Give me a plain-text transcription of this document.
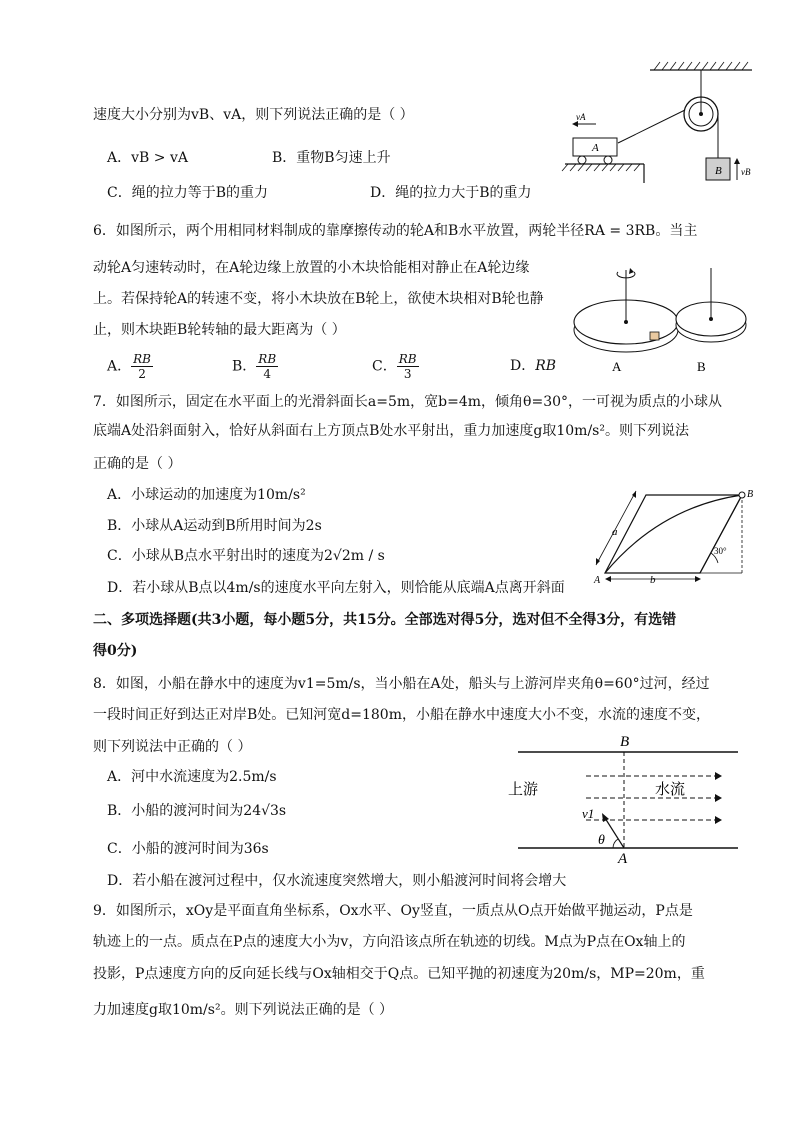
速度大小分别为vB、vA，则下列说法正确的是（ ）
A．vB > vA	B．重物B匀速上升
C．绳的拉力等于B的重力	D．绳的拉力大于B的重力
B vB
A
vA
6．如图所示，两个用相同材料制成的靠摩擦传动的轮A和B水平放置，两轮半径RA = 3RB。当主
动轮A匀速转动时，在A轮边缘上放置的小木块恰能相对静止在A轮边缘
上。若保持轮A的转速不变，将小木块放在B轮上，欲使木块相对B轮也静
止，则木块距B轮转轴的最大距离为（ ）
A． $\frac{RB}{2}$	B． $\frac{RB}{4}$	C． $\frac{RB}{3}$	D．RB	A	B
7．如图所示，固定在水平面上的光滑斜面长a=5m，宽b=4m，倾角θ=30°，一可视为质点的小球从
底端A处沿斜面射入，恰好从斜面右上方顶点B处水平射出，重力加速度g取10m/s²。则下列说法
正确的是（ ）
A．小球运动的加速度为10m/s²
B．小球从A运动到B所用时间为2s
C．小球从B点水平射出时的速度为2√2m / s
D．若小球从B点以4m/s的速度水平向左射入，则恰能从底端A点离开斜面
a
b
A
B
30°
二、多项选择题(共3小题，每小题5分，共15分。全部选对得5分，选对但不全得3分，有选错
得0分)
8．如图，小船在静水中的速度为v1=5m/s，当小船在A处，船头与上游河岸夹角θ=60°过河，经过
一段时间正好到达正对岸B处。已知河宽d=180m，小船在静水中速度大小不变，水流的速度不变，
则下列说法中正确的（ ）
A．河中水流速度为2.5m/s
B．小船的渡河时间为24√3s
C．小船的渡河时间为36s
D．若小船在渡河过程中，仅水流速度突然增大，则小船渡河时间将会增大
B
A
上游	水流
v1
θ
9．如图所示，xOy是平面直角坐标系，Ox水平、Oy竖直，一质点从O点开始做平抛运动，P点是
轨迹上的一点。质点在P点的速度大小为v，方向沿该点所在轨迹的切线。M点为P点在Ox轴上的
投影，P点速度方向的反向延长线与Ox轴相交于Q点。已知平抛的初速度为20m/s，MP=20m，重
力加速度g取10m/s²。则下列说法正确的是（ ）
